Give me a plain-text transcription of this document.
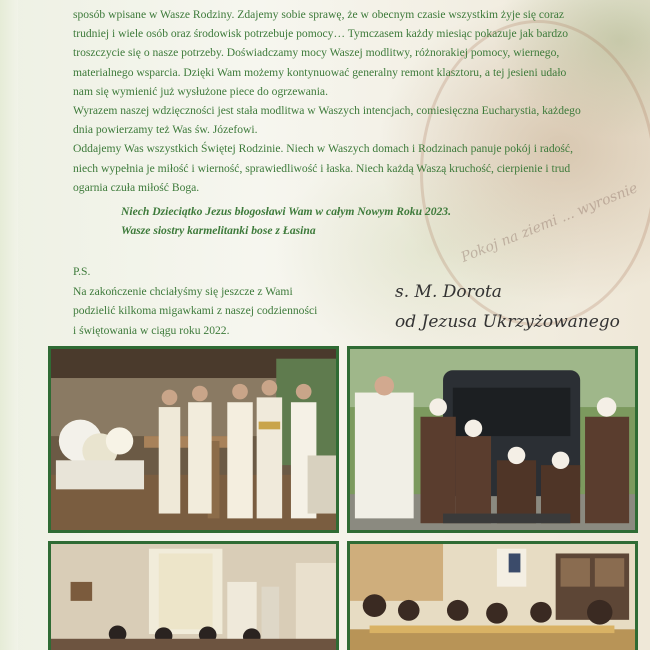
Pokoj na ziemi ... wyrosnie

sposób wpisane w Wasze Rodziny. Zdajemy sobie sprawę, że w obecnym czasie wszystkim żyje się coraz

trudniej i wiele osób oraz środowisk potrzebuje pomocy… Tymczasem każdy miesiąc pokazuje jak bardzo

troszczycie się o nasze potrzeby. Doświadczamy mocy Waszej modlitwy, różnorakiej pomocy, wiernego,

materialnego wsparcia. Dzięki Wam możemy kontynuować generalny remont klasztoru, a tej jesieni udało

nam się wymienić już wysłużone piece do ogrzewania.

Wyrazem naszej wdzięczności jest stała modlitwa w Waszych intencjach, comiesięczna Eucharystia, każdego

dnia powierzamy też Was św. Józefowi.

Oddajemy Was wszystkich Świętej Rodzinie. Niech w Waszych domach i Rodzinach panuje pokój i radość,

niech wypełnia je miłość i wierność, sprawiedliwość i łaska. Niech każdą Waszą kruchość, cierpienie i trud

ogarnia czuła miłość Boga.

Niech Dzieciątko Jezus błogosławi Wam w całym Nowym Roku 2023.
Wasze siostry karmelitanki bose z Łasina
P.S.
Na zakończenie chciałyśmy się jeszcze z Wami
podzielić kilkoma migawkami z naszej codzienności
i świętowania w ciągu roku 2022.
s. M. Dorota
od Jezusa Ukrzyżowanego
